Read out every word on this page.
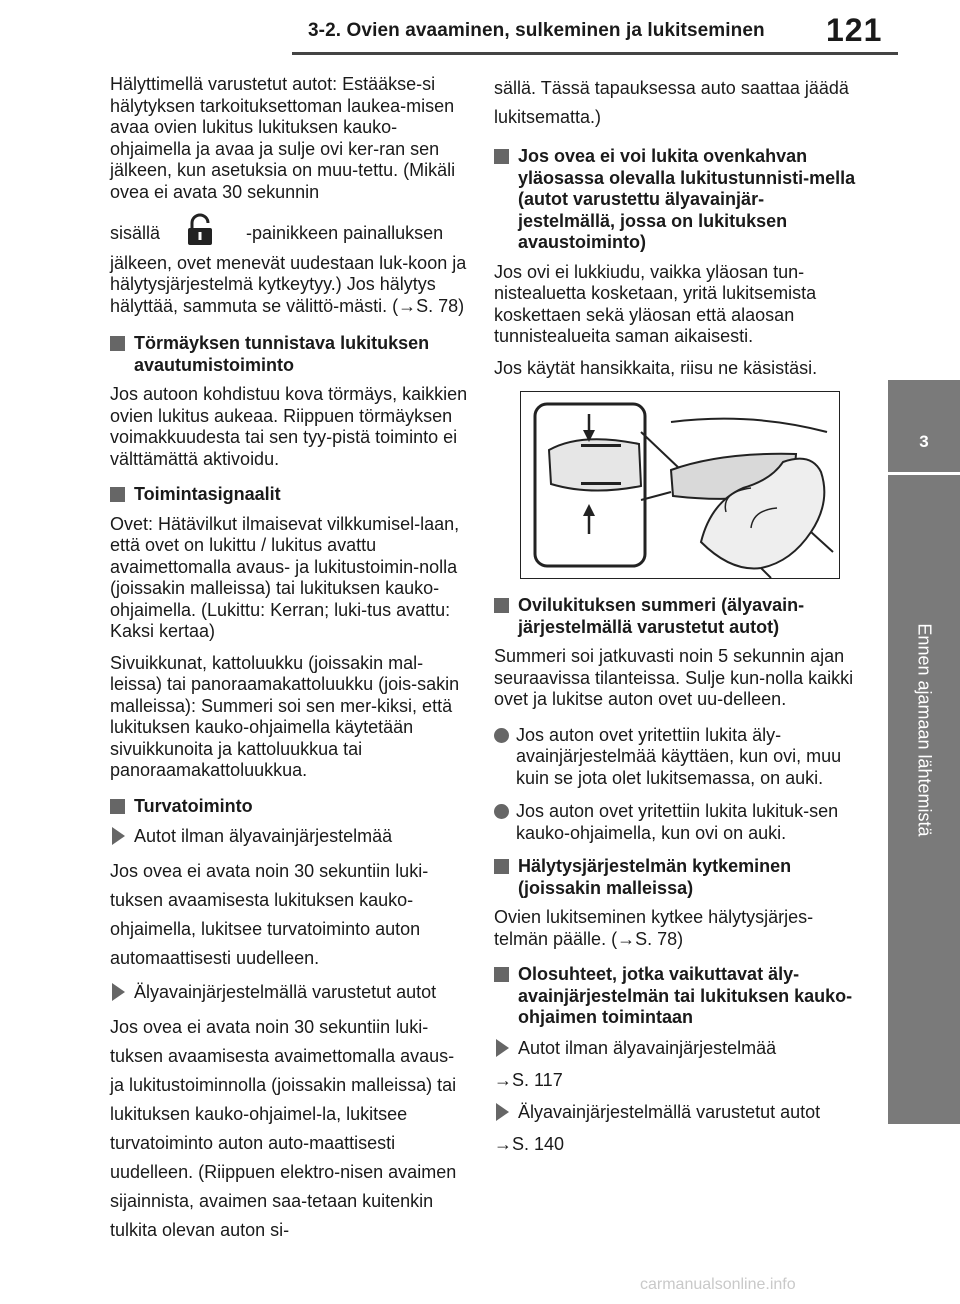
3-2. Ovien avaaminen, sulkeminen ja lukitseminen 121
3
Ennen ajamaan lähtemistä

Hälyttimellä varustetut autot: Estääkse-si hälytyksen tarkoituksettoman laukea-misen avaa ovien lukitus lukituksen kauko-ohjaimella ja avaa ja sulje ovi ker-ran sen jälkeen, kun asetuksia on muu-tettu. (Mikäli ovea ei avata 30 sekunnin

sisällä	-painikkeen painalluksen jälkeen, ovet menevät uudestaan luk-koon ja hälytysjärjestelmä kytkeytyy.) Jos hälytys hälyttää, sammuta se välittö-mästi. (→S. 78)

Törmäyksen tunnistava lukituksen avautumistoiminto

Jos autoon kohdistuu kova törmäys, kaikkien ovien lukitus aukeaa. Riippuen törmäyksen voimakkuudesta tai sen tyy-pistä toiminto ei välttämättä aktivoidu.

Toimintasignaalit

Ovet: Hätävilkut ilmaisevat vilkkumisel-laan, että ovet on lukittu / lukitus avattu avaimettomalla avaus- ja lukitustoimin-nolla (joissakin malleissa) tai lukituksen kauko-ohjaimella. (Lukittu: Kerran; luki-tus avattu: Kaksi kertaa)

Sivuikkunat, kattoluukku (joissakin mal-leissa) tai panoraamakattoluukku (jois-sakin malleissa): Summeri soi sen mer-kiksi, että lukituksen kauko-ohjaimella käytetään sivuikkunoita ja kattoluukkua tai panoraamakattoluukkua.

Turvatoiminto
Autot ilman älyavainjärjestelmää

Jos ovea ei avata noin 30 sekuntiin luki-tuksen avaamisesta lukituksen kauko-ohjaimella, lukitsee turvatoiminto auton automaattisesti uudelleen.

Älyavainjärjestelmällä varustetut autot

Jos ovea ei avata noin 30 sekuntiin luki-tuksen avaamisesta avaimettomalla avaus- ja lukitustoiminnolla (joissakin malleissa) tai lukituksen kauko-ohjaimel-la, lukitsee turvatoiminto auton auto-maattisesti uudelleen. (Riippuen elektro-nisen avaimen sijainnista, avaimen saa-tetaan kuitenkin tulkita olevan auton si-

sällä. Tässä tapauksessa auto saattaa jäädä lukitsematta.)

Jos ovea ei voi lukita ovenkahvan yläosassa olevalla lukitustunnisti-mella (autot varustettu älyavainjär-jestelmällä, jossa on lukituksen avaustoiminto)

Jos ovi ei lukkiudu, vaikka yläosan tun-nistealuetta kosketaan, yritä lukitsemista koskettaen sekä yläosan että alaosan tunnistealueita saman aikaisesti.

Jos käytät hansikkaita, riisu ne käsistäsi.

Ovilukituksen summeri (älyavain-järjestelmällä varustetut autot)

Summeri soi jatkuvasti noin 5 sekunnin ajan seuraavissa tilanteissa. Sulje kun-nolla kaikki ovet ja lukitse auton ovet uu-delleen.

Jos auton ovet yritettiin lukita äly-avainjärjestelmää käyttäen, kun ovi, muu kuin se jota olet lukitsemassa, on auki.
Jos auton ovet yritettiin lukita lukituk-sen kauko-ohjaimella, kun ovi on auki.
Hälytysjärjestelmän kytkeminen (joissakin malleissa)

Ovien lukitseminen kytkee hälytysjärjes-telmän päälle. (→S. 78)

Olosuhteet, jotka vaikuttavat äly-avainjärjestelmän tai lukituksen kauko-ohjaimen toimintaan
Autot ilman älyavainjärjestelmää
→S. 117
Älyavainjärjestelmällä varustetut autot
→S. 140
carmanualsonline.info
